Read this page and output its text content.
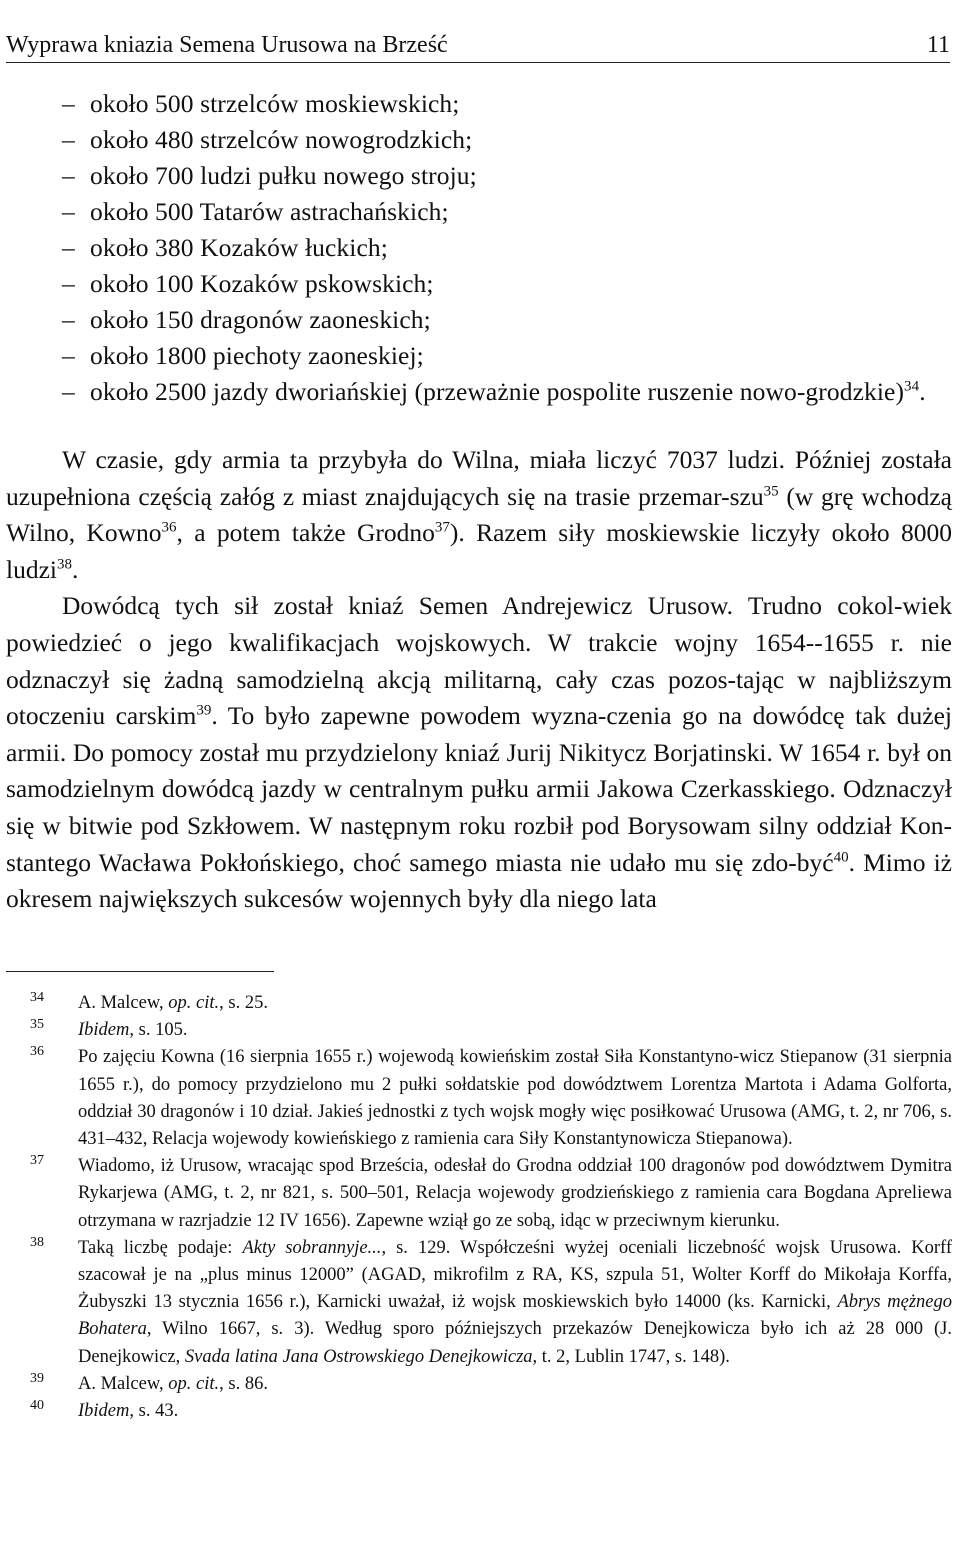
Wyprawa kniazia Semena Urusowa na Brześć	11
– około 500 strzelców moskiewskich;
– około 480 strzelców nowogrodzkich;
– około 700 ludzi pułku nowego stroju;
– około 500 Tatarów astrachańskich;
– około 380 Kozaków łuckich;
– około 100 Kozaków pskowskich;
– około 150 dragonów zaoneskich;
– około 1800 piechoty zaoneskiej;
– około 2500 jazdy dworiańskiej (przeważnie pospolite ruszenie nowo-grodzkie)$^{34}$.

W czasie, gdy armia ta przybyła do Wilna, miała liczyć 7037 ludzi. Później została uzupełniona częścią załóg z miast znajdujących się na trasie przemar-szu$^{35}$ (w grę wchodzą Wilno, Kowno$^{36}$, a potem także Grodno$^{37}$). Razem siły moskiewskie liczyły około 8000 ludzi$^{38}$.

Dowódcą tych sił został kniaź Semen Andrejewicz Urusow. Trudno cokol-wiek powiedzieć o jego kwalifikacjach wojskowych. W trakcie wojny 1654--1655 r. nie odznaczył się żadną samodzielną akcją militarną, cały czas pozos-tając w najbliższym otoczeniu carskim$^{39}$. To było zapewne powodem wyzna-czenia go na dowódcę tak dużej armii. Do pomocy został mu przydzielony kniaź Jurij Nikitycz Borjatinski. W 1654 r. był on samodzielnym dowódcą jazdy w centralnym pułku armii Jakowa Czerkasskiego. Odznaczył się w bitwie pod Szkłowem. W następnym roku rozbił pod Borysowam silny oddział Kon-stantego Wacława Pokłońskiego, choć samego miasta nie udało mu się zdo-być$^{40}$. Mimo iż okresem największych sukcesów wojennych były dla niego lata

$^{34}$ A. Malcew, op. cit., s. 25.

$^{35}$ Ibidem, s. 105.

$^{36}$ Po zajęciu Kowna (16 sierpnia 1655 r.) wojewodą kowieńskim został Siła Konstantyno-wicz Stiepanow (31 sierpnia 1655 r.), do pomocy przydzielono mu 2 pułki sołdatskie pod dowództwem Lorentza Martota i Adama Golforta, oddział 30 dragonów i 10 dział. Jakieś jednostki z tych wojsk mogły więc posiłkować Urusowa (AMG, t. 2, nr 706, s. 431–432, Relacja wojewody kowieńskiego z ramienia cara Siły Konstantynowicza Stiepanowa).

$^{37}$ Wiadomo, iż Urusow, wracając spod Brześcia, odesłał do Grodna oddział 100 dragonów pod dowództwem Dymitra Rykarjewa (AMG, t. 2, nr 821, s. 500–501, Relacja wojewody grodzieńskiego z ramienia cara Bogdana Apreliewa otrzymana w razrjadzie 12 IV 1656). Zapewne wziął go ze sobą, idąc w przeciwnym kierunku.

$^{38}$ Taką liczbę podaje: Akty sobrannyje..., s. 129. Współcześni wyżej oceniali liczebność wojsk Urusowa. Korff szacował je na „plus minus 12000” (AGAD, mikrofilm z RA, KS, szpula 51, Wolter Korff do Mikołaja Korffa, Żubyszki 13 stycznia 1656 r.), Karnicki uważał, iż wojsk moskiewskich było 14000 (ks. Karnicki, Abrys mężnego Bohatera, Wilno 1667, s. 3). Według sporo późniejszych przekazów Denejkowicza było ich aż 28 000 (J. Denejkowicz, Svada latina Jana Ostrowskiego Denejkowicza, t. 2, Lublin 1747, s. 148).

$^{39}$ A. Malcew, op. cit., s. 86.

$^{40}$ Ibidem, s. 43.
